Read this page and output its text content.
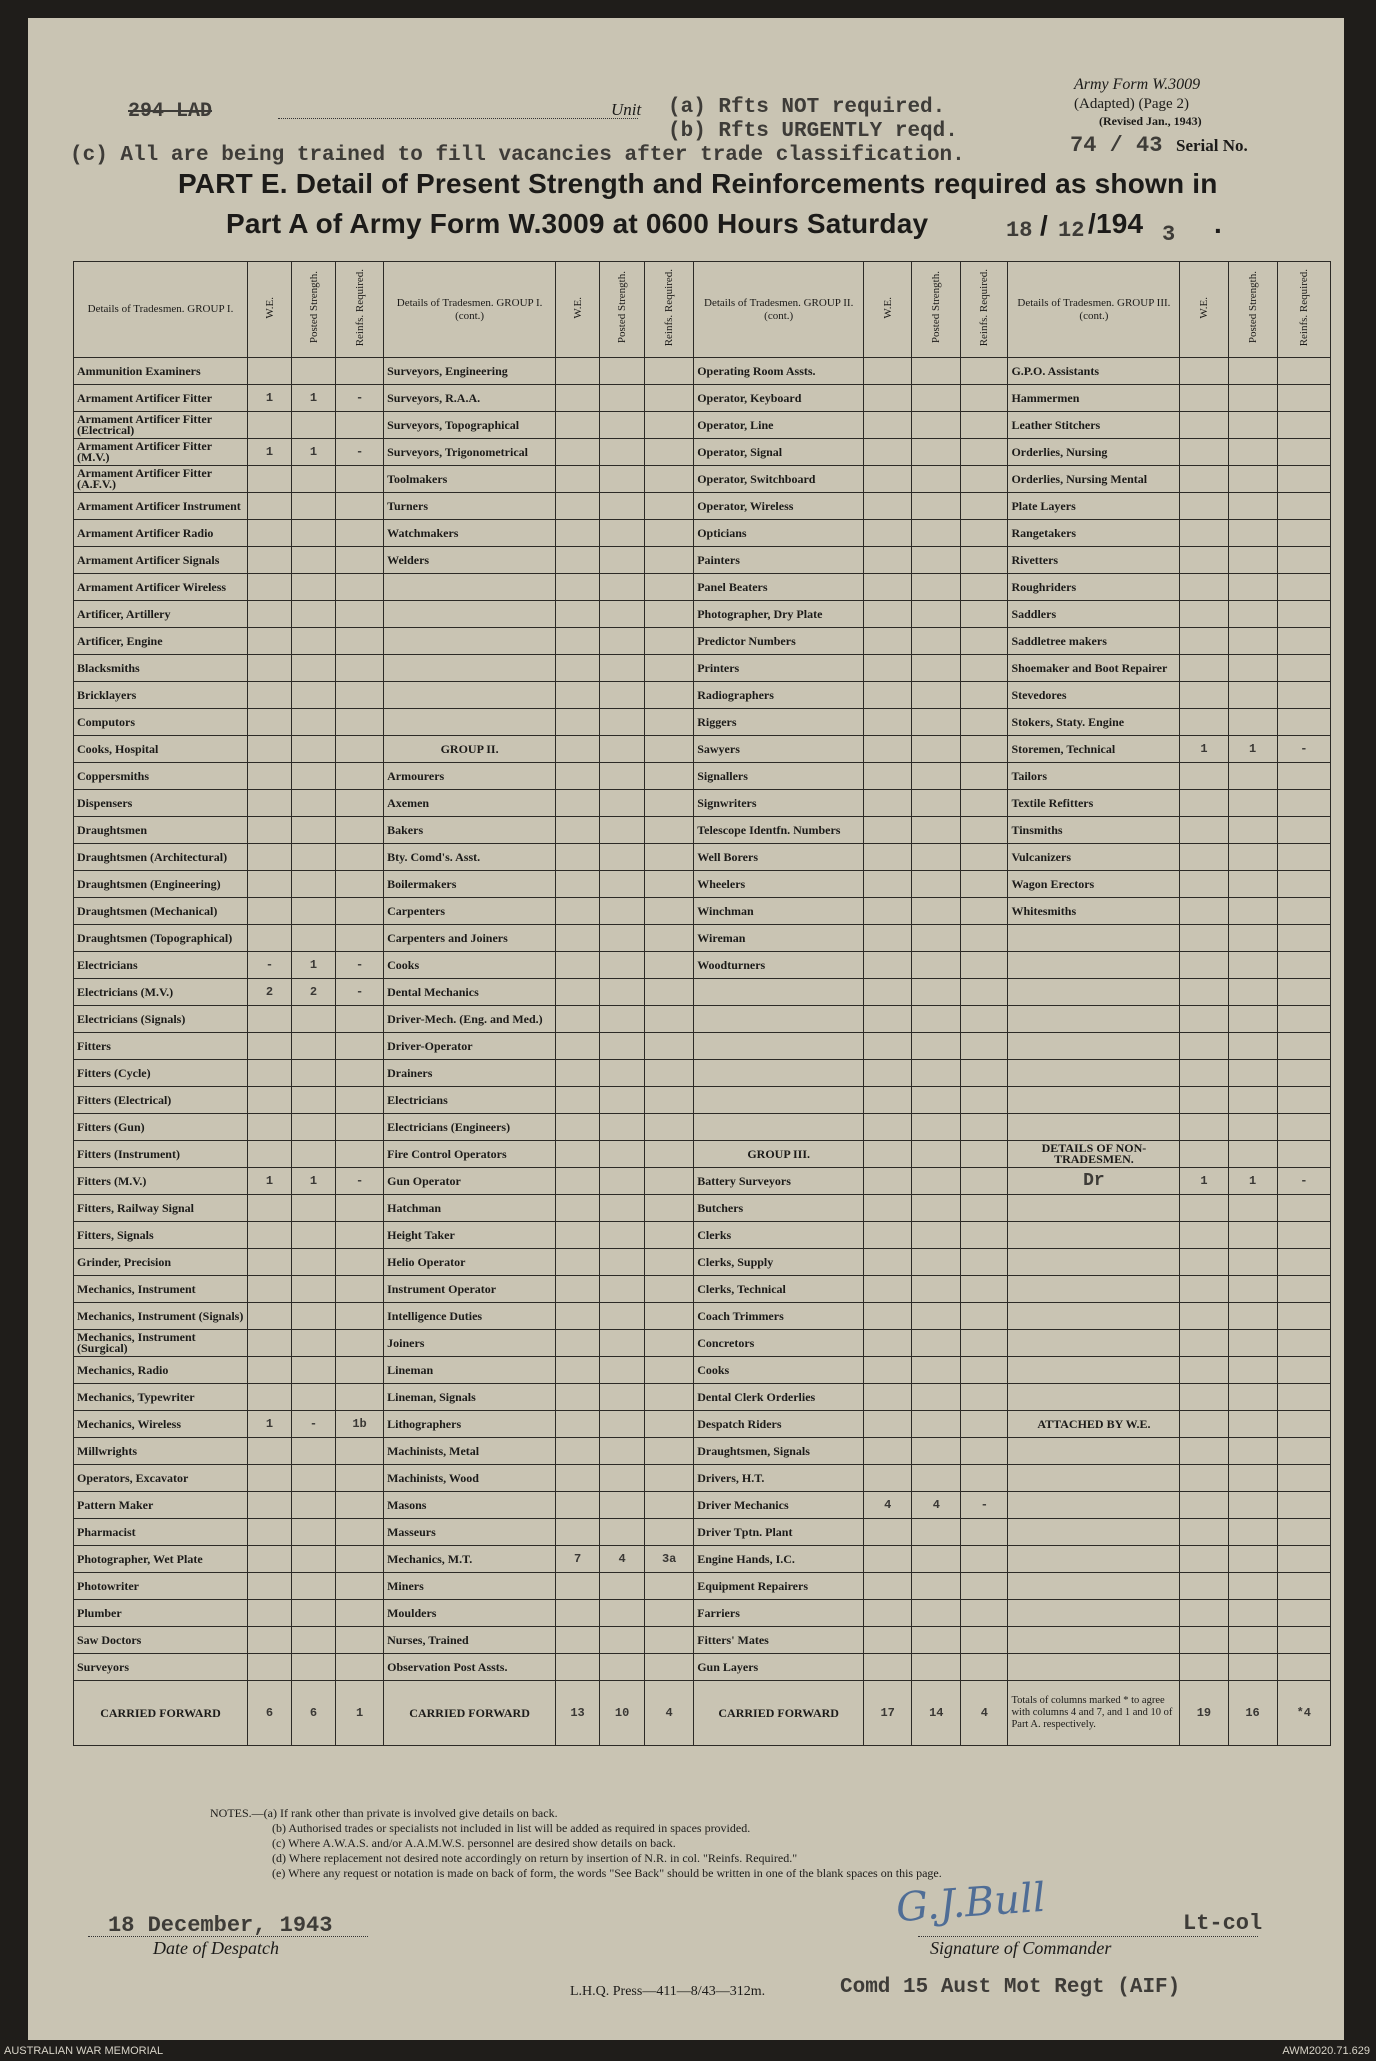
294 LAD	Unit (a) Rfts NOT required.
(b) Rfts URGENTLY reqd.
Army Form W.3009
(Adapted) (Page 2)
(Revised Jan., 1943)
74 / 43 Serial No.
(c) All are being trained to fill vacancies after trade classification.
PART E. Detail of Present Strength and Reinforcements required as shown in
Part A of Army Form W.3009 at 0600 Hours Saturday	18 / 12 /194 3 .
Details of Tradesmen. GROUP I.	W.E.	Posted Strength.	Reinfs. Required.	Details of Tradesmen. GROUP I. (cont.)	W.E.	Posted Strength.	Reinfs. Required.	Details of Tradesmen. GROUP II. (cont.)	W.E.	Posted Strength.	Reinfs. Required.	Details of Tradesmen. GROUP III. (cont.)	W.E.	Posted Strength.	Reinfs. Required.
Ammunition Examiners				Surveyors, Engineering				Operating Room Assts.				G.P.O. Assistants			
Armament Artificer Fitter	1	1	-	Surveyors, R.A.A.				Operator, Keyboard				Hammermen			
Armament Artificer Fitter (Electrical)				Surveyors, Topographical				Operator, Line				Leather Stitchers			
Armament Artificer Fitter (M.V.)	1	1	-	Surveyors, Trigonometrical				Operator, Signal				Orderlies, Nursing			
Armament Artificer Fitter (A.F.V.)				Toolmakers				Operator, Switchboard				Orderlies, Nursing Mental			
Armament Artificer Instrument				Turners				Operator, Wireless				Plate Layers			
Armament Artificer Radio				Watchmakers				Opticians				Rangetakers			
Armament Artificer Signals				Welders				Painters				Rivetters			
Armament Artificer Wireless								Panel Beaters				Roughriders			
Artificer, Artillery								Photographer, Dry Plate				Saddlers			
Artificer, Engine								Predictor Numbers				Saddletree makers			
Blacksmiths								Printers				Shoemaker and Boot Repairer			
Bricklayers								Radiographers				Stevedores			
Computors								Riggers				Stokers, Staty. Engine			
Cooks, Hospital				GROUP II.				Sawyers				Storemen, Technical	1	1	-
Coppersmiths				Armourers				Signallers				Tailors			
Dispensers				Axemen				Signwriters				Textile Refitters			
Draughtsmen				Bakers				Telescope Identfn. Numbers				Tinsmiths			
Draughtsmen (Architectural)				Bty. Comd's. Asst.				Well Borers				Vulcanizers			
Draughtsmen (Engineering)				Boilermakers				Wheelers				Wagon Erectors			
Draughtsmen (Mechanical)				Carpenters				Winchman				Whitesmiths			
Draughtsmen (Topographical)				Carpenters and Joiners				Wireman							
Electricians	-	1	-	Cooks				Woodturners							
Electricians (M.V.)	2	2	-	Dental Mechanics											
Electricians (Signals)				Driver-Mech. (Eng. and Med.)											
Fitters				Driver-Operator											
Fitters (Cycle)				Drainers											
Fitters (Electrical)				Electricians											
Fitters (Gun)				Electricians (Engineers)											
Fitters (Instrument)				Fire Control Operators				GROUP III.				DETAILS OF NON-TRADESMEN.			
Fitters (M.V.)	1	1	-	Gun Operator				Battery Surveyors				Dr	1	1	-
Fitters, Railway Signal				Hatchman				Butchers							
Fitters, Signals				Height Taker				Clerks							
Grinder, Precision				Helio Operator				Clerks, Supply							
Mechanics, Instrument				Instrument Operator				Clerks, Technical							
Mechanics, Instrument (Signals)				Intelligence Duties				Coach Trimmers							
Mechanics, Instrument (Surgical)				Joiners				Concretors							
Mechanics, Radio				Lineman				Cooks							
Mechanics, Typewriter				Lineman, Signals				Dental Clerk Orderlies							
Mechanics, Wireless	1	-	1b	Lithographers				Despatch Riders				ATTACHED BY W.E.			
Millwrights				Machinists, Metal				Draughtsmen, Signals							
Operators, Excavator				Machinists, Wood				Drivers, H.T.							
Pattern Maker				Masons				Driver Mechanics	4	4	-				
Pharmacist				Masseurs				Driver Tptn. Plant							
Photographer, Wet Plate				Mechanics, M.T.	7	4	3a	Engine Hands, I.C.							
Photowriter				Miners				Equipment Repairers							
Plumber				Moulders				Farriers							
Saw Doctors				Nurses, Trained				Fitters' Mates							
Surveyors				Observation Post Assts.				Gun Layers							
CARRIED FORWARD	6	6	1	CARRIED FORWARD	13	10	4	CARRIED FORWARD	17	14	4	Totals of columns marked * to agree with columns 4 and 7, and 1 and 10 of Part A. respectively.	19	16	*4
NOTES.—(a) If rank other than private is involved give details on back.
(b) Authorised trades or specialists not included in list will be added as required in spaces provided.
(c) Where A.W.A.S. and/or A.A.M.W.S. personnel are desired show details on back.
(d) Where replacement not desired note accordingly on return by insertion of N.R. in col. "Reinfs. Required."
(e) Where any request or notation is made on back of form, the words "See Back" should be written in one of the blank spaces on this page.
18 December, 1943
Date of Despatch
G.J.Bull	Lt-col
Signature of Commander
L.H.Q. Press—411—8/43—312m.	Comd 15 Aust Mot Regt (AIF)
AUSTRALIAN WAR MEMORIAL	AWM2020.71.629
